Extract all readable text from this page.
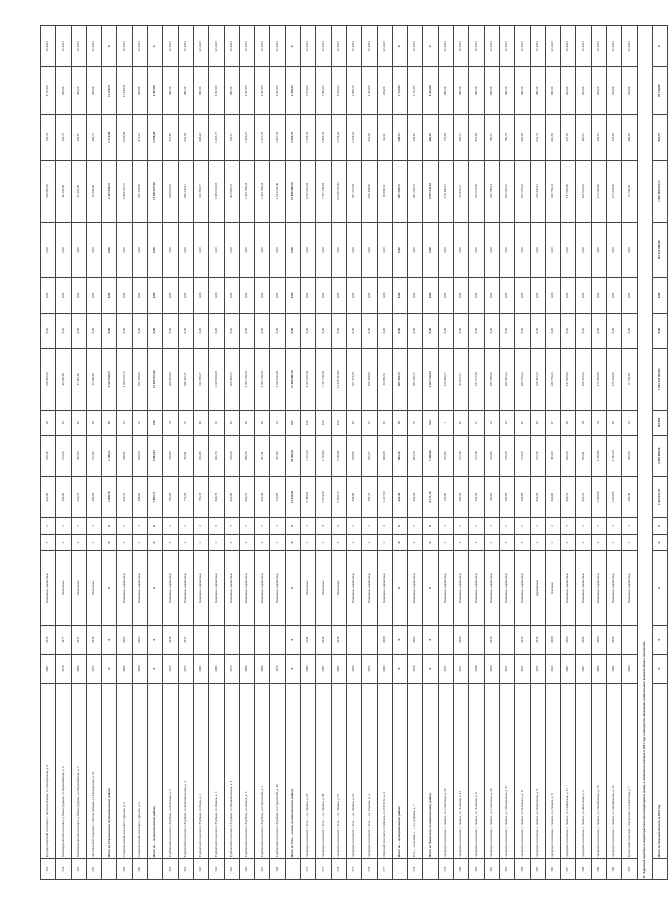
553	Кулунда-Озерский сельсовет, с. Кулунда-Озерка, ул. Молодежная, д. 9	1987	2015	Каменные, кирпичные	3	2	422,90	350,10	20	530 883,50	0,00	0,00	0,00	530 883,50	728,31	8 722,00	12.2023
554	Новоперуновский сельсовет, д.Новая Дурнева, ул.Первомайская, д. 6	1978	1977	Панельные	2	1	366,80	270,60	13	46 500,00	0,00	0,00	0,00	46 500,00	139,75	286,00	12.2023
555	Новоперуновский сельсовет, д.Новая Дурнева, ул.Первомайская, д. 5	1980	2017	Панельные	2	1	326,70	297,00	12	47 110,00	0,00	0,00	0,00	47 110,00	158,97	286,00	12.2023
556	Чистюньский сельсовет, с.Чистая Дубрава, ул.Молодежная, д. 13	1971	2010	Панельные	2	1	296,64	272,40	20	35 390,00	0,00	0,00	0,00	35 390,00	208,72	286,00	12.2023
	Итого по Стрежевскому муниципальному району	X	X	X	X	X	1 269,70	1 189,11	55	2 327 958,57	0,00	0,00	0,00	2 327 958,57	2 714,89	13 470,21	X
559	Ставропольский сельсовет, с.Дружба, д. 4	1964	2003	Каменные, кирпичные	3	3	621,70	549,61	23	1 044 523,57	0,00	0,00	0,00	1 044 523,57	1 643,68	13 190,21	12.2023
560	Ставропольский сельсовет, с.Дружба, д. 6	1959	2003	Каменные, кирпичные	2	1	648,00	639,50	32	551 378,00	0,00	0,00	0,00	551 378,00	971,21	280,00	12.2023
	Итого по ... муниципальному району	X	X	X	X	X	5 997,71	5 004,83	226	12 485 872,20	0,00	0,00	0,00	12 485 872,20	2 358,48	4 297,00	X
561	Турбинский сельсовет, п.Турбино, ул.Болотная, д. 3	1979	2019	Каменные, кирпичные	2	3	795,95	756,89	33	428 035,00	0,00	0,00	0,00	428 035,00	575,87	981,00	12.2023
562	Турбинский сельсовет, п.Турбино, ул.Комсомольская, д. 1	1973	2017	Каменные, кирпичные	2	2	772,26	702,61	35	440 242,17	0,00	0,00	0,00	440 242,17	626,58	981,00	12.2023
563	Турбинский сельсовет, п.Турбино, ул.Мира, д. 2	1992		Каменные, кирпичные	2	2	756,33	351,89	18	332 359,57	0,00	0,00	0,00	332 359,57	848,24	981,00	12.2023
564	Турбинский сельсовет, п.Турбино, ул.Ленина, д. 3	1986		Каменные, кирпичные	2	3	929,70	821,70	32	1 045 901,18	0,00	0,00	0,00	1 045 901,18	1 453,73	4 197,00	12.2023
565	Турбинский сельсовет, п.Турбино, ул.Промышленная, д. 1	1970		Каменные, кирпичные	2	3	412,80	358,20	19	203 983,53	0,00	0,00	0,00	203 983,53	728,17	981,00	12.2023
566	Турбинский сельсовет, п.Турбино, ул.Ленина, д. 5	1984		Каменные, кирпичные	2	3	966,55	886,30	45	1 043 704,54	0,00	0,00	0,00	1 043 704,54	1 165,67	4 197,00	12.2023
567	Турбинский сельсовет, п.Турбино, ул.Строителей, д. 5	1984		Каменные, кирпичные	2	3	951,30	857,11	45	1 043 704,54	0,00	0,00	0,00	1 043 704,54	1 217,70	4 197,00	12.2023
568	Турбинский сельсовет, п.Турбино, ул.Строителей, д. 10	1976		Каменные, кирпичные	2	2	370,20	307,40	21	1 613 642,49	0,00	0,00	0,00	1 613 642,49	1 867,39	4 197,00	12.2023
	Итого по Усть-...ускому муниципальному району	X	X	X	X	X	12 422,84	10 308,21	527	27 906 990,79	0,00	0,00	0,00	27 906 990,79	2 504,76	4 228,22	X
572	городское поселение г. Усть-..., ул. Ленина, д. 93	1985	2011	Панельные	5	3	4 388,01	3 373,10	140	8 267 625,64	0,00	0,00	0,00	8 267 625,64	2 504,76	3 873,00	12.2023
573	городское поселение г. Усть-..., ул. Ленина, д. 89	1987	2018	Панельные	5	4	3 874,20	2 763,00	104	7 767 239,94	0,00	0,00	0,00	7 767 239,94	2 814,35	3 862,63	12.2023
574	городское поселение г. Усть-..., ул. Ленина, д. 97	1991	2019	Панельные	5	4	4 060,70	3 358,91	168	11 429 333,81	0,00	0,00	0,00	11 429 333,81	3 311,29	4 126,22	12.2023
575	городское поселение г. Усть-..., ул. Ленина, д. 11	1950		Каменные, кирпичные	2	2	618,80	268,80	19	427 253,58	0,00	0,00	0,00	427 253,58	1 250,62	2 088,70	12.2023
576	городское поселение г. Усть-..., ул. Стрелка, д. 4	1971		Каменные, кирпичные	2	2	305,21	265,37	22	100 158,00	0,00	0,00	0,00	100 158,00	321,62	2 333,00	12.2023
577	Озёрский сельсовет, с.Озёрское, ул.ГОСТ-52, д. 4	1966	2008	Каменные, кирпичные	2	3	1 227,50	868,48	45	36 909,52	0,00	0,00	0,00	36 909,52	42,64	206,00	12.2023
	Итого по ... муниципальному району	X	X	X	X	X	941,20	865,50	35	287 259,75	0,00	0,00	0,00	287 259,75	338,12	1 712,95	X
578	Усть-... сельсовет, с. ..., ул. Деревня, д. 7	1978	2003	Каменные, кирпичные	2	3	941,20	865,50	35	287 259,75	0,00	0,00	0,00	287 259,75	338,12	1 712,95	12.2023
	Итого по Чаинскому муниципальному району	X	X	X	X	X	8 131,18	7 368,68	324	2 957 542,81	0,00	0,00	0,00	2 957 542,81	406,65	8 322,00	X
579	городское поселение, с. Чаинск, ул. Советская, д. 16	1917		Каменные, кирпичные	2	1	233,90	225,99	7	174 160,57	0,00	0,00	0,00	174 160,57	770,68	981,00	12.2023
580	городское поселение, с. Чаинск, ул. Хлебная, д. 15	1917	2009	Каменные, кирпичные	2	1	305,43	272,16	15	93 953,27	0,00	0,00	0,00	93 953,27	305,27	981,00	12.2023
581	городское поселение, с. Чаинск, ул. Хлебная, д. 8	1918		Каменные, кирпичные	2	1	312,20	273,18	17	237 673,28	0,00	0,00	0,00	237 673,28	870,04	981,00	12.2023
582	городское поселение, с. Чаинск, ул. Советская, д. 18	1958	2013	Каменные, кирпичные	2	1	766,10	615,88	21	435 799,41	0,00	0,00	0,00	435 799,41	708,17	981,00	12.2023
583	городское поселение, с. Чаинск, ул. Молодежная, д. 47	1917		Каменные, кирпичные	2	2	303,99	276,30	13	195 295,22	0,00	0,00	0,00	195 295,22	706,79	981,00	12.2023
584	городское поселение, с. Чаинск, ул. К.Маркса, д. 17	1917	2015	Каменные, кирпичные	2	2	329,88	273,60	15	185 579,22	0,00	0,00	0,00	185 579,22	682,28	981,00	12.2023
585	городское поселение, с. Чаинск, ул. Кирпичная, д. 8	1917	2015	Деревянные	2	1	420,20	372,10	16	226 443,13	0,00	0,00	0,00	226 443,13	633,73	981,00	12.2023
586	городское поселение, с. Чаинск, ул. Пионер, д. 8	1925	2008	Блочные	2	2	410,00	383,40	17	240 759,21	0,00	0,00	0,00	240 759,21	616,58	981,00	12.2023
587	городское поселение, с. Чаинск, ул. Сибирская, д. 17	1987	2000	Каменные, кирпичные	2	3	966,33	820,30	40	117 930,69	0,00	0,00	0,00	117 930,69	137,63	206,00	12.2023
588	городское поселение, с. Чаинск, ул. Школьная, д. 2	1987	2009	Каменные, кирпичные	2	1	915,21	855,61	41	101 023,62	0,00	0,00	0,00	101 023,62	118,07	206,00	12.2023
589	городское поселение, с. Чаинск, ул. Октябрьская, д. 54	1960	2000	Каменные, кирпичные	2	3	1 200,00	1 208,80	51	172 260,80	0,00	0,00	0,00	172 260,80	136,25	206,00	12.2023
590	городское поселение, с. Чаинск, ул. Октябрьская, д. 36	1961	2009	Каменные, кирпичные	2	1	1 434,80	1 302,20	46	175 224,00	0,00	0,00	0,00	175 224,00	134,56	206,00	12.2023
591	Трэкусский сельсовет, с.Трэкусово, ул.Советская, д. 7	1966		Каменные, кирпичные	2	1	360,30	360,30	21	71 781,69	0,00	0,00	0,00	71 781,69	198,29	206,00	12.2023
II. Адресный перечень и характеристика многоквартирных домов, в отношении которых в 2023 году планируется проведение капитального ремонта общего имущества																	
	Итого по Томской области за 2023 год	X	X	X	X	X	2 444 015,23	2 003 008,20	103 983	1 801 447 063,05	0,00	0,00	181 452 996,96	1 981 900 032,71	942,75	20 736,00	X
